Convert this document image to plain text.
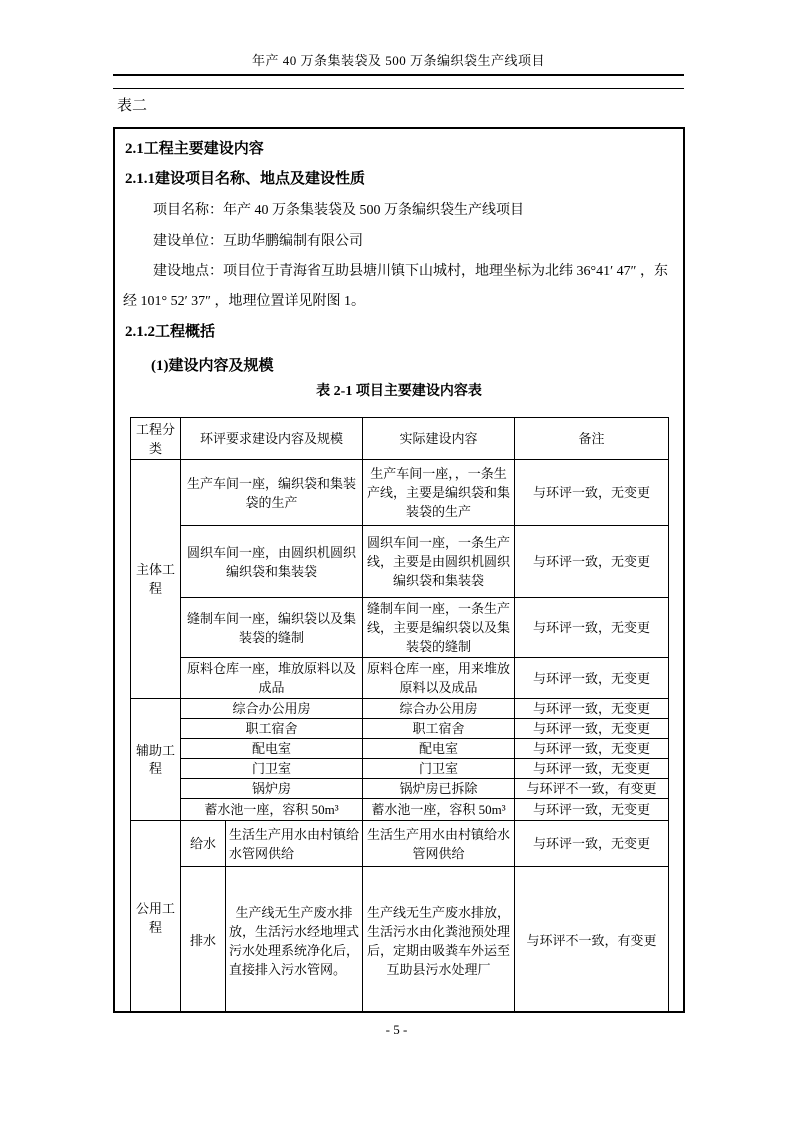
年产 40 万条集装袋及 500 万条编织袋生产线项目
表二

2.1工程主要建设内容

2.1.1建设项目名称、地点及建设性质

项目名称：年产 40 万条集装袋及 500 万条编织袋生产线项目

建设单位：互助华鹏编制有限公司

建设地点：项目位于青海省互助县塘川镇下山城村，地理坐标为北纬 36°41′ 47″ ，东经 101° 52′ 37″ ，地理位置详见附图 1。

2.1.2工程概括

(1)建设内容及规模

表 2-1 项目主要建设内容表

工程分类	环评要求建设内容及规模		实际建设内容	备注
主体工程	生产车间一座，编织袋和集装袋的生产		生产车间一座，，一条生产线，主要是编织袋和集装袋的生产	与环评一致，无变更
	圆织车间一座，由圆织机圆织编织袋和集装袋		圆织车间一座，一条生产线，主要是由圆织机圆织编织袋和集装袋	与环评一致，无变更
	缝制车间一座，编织袋以及集装袋的缝制		缝制车间一座，一条生产线，主要是编织袋以及集装袋的缝制	与环评一致，无变更
	原料仓库一座，堆放原料以及成品		原料仓库一座，用来堆放原料以及成品	与环评一致，无变更
辅助工程	综合办公用房		综合办公用房	与环评一致，无变更
	职工宿舍		职工宿舍	与环评一致，无变更
	配电室		配电室	与环评一致，无变更
	门卫室		门卫室	与环评一致，无变更
	锅炉房		锅炉房已拆除	与环评不一致，有变更
	蓄水池一座，容积 50m³		蓄水池一座，容积 50m³	与环评一致，无变更
公用工程	给水	生活生产用水由村镇给水管网供给	生活生产用水由村镇给水管网供给	与环评一致，无变更
	排水	生产线无生产废水排放，生活污水经地埋式污水处理系统净化后，直接排入污水管网。	生产线无生产废水排放，生活污水由化粪池预处理后，定期由吸粪车外运至互助县污水处理厂	与环评不一致，有变更
- 5 -
